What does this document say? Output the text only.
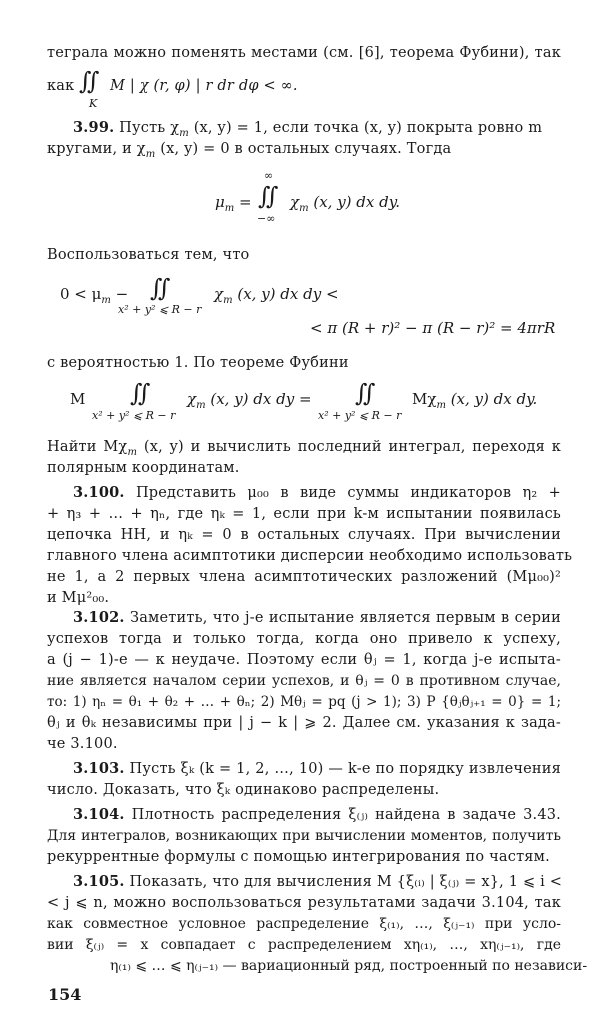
теграла можно поменять местами (см. [6], теорема Фубини), так
как ∬
K
M | χ (r, φ) | r dr dφ < ∞.
3.99. Пусть $\chi_m$ (x, y) = 1, если точка (x, y) покрыта ровно m
кругами, и $\chi_m$ (x, y) = 0 в остальных случаях. Тогда
$\mu_m$ =
∞
∬
−∞
$\chi_m$ (x, y) dx dy.
Воспользоваться тем, что
$0 < \mu_m$ − ∬
x² + y² ⩽ R − r
$\chi_m$ (x, y) dx dy <
< π (R + r)² − π (R − r)² = 4πrR
с вероятностью 1. По теореме Фубини
M ∬
x² + y² ⩽ R − r
$\chi_m$ (x, y) dx dy = ∬
x² + y² ⩽ R − r
$M\chi_m$ (x, y) dx dy.
Найти $M\chi_m$ (x, y) и вычислить последний интеграл, переходя к
полярным координатам.
3.100. Представить μ₀₀ в виде суммы индикаторов η₂ +
+ η₃ + … + ηₙ, где ηₖ = 1, если при k-м испытании появилась
цепочка НН, и ηₖ = 0 в остальных случаях. При вычислении
главного члена асимптотики дисперсии необходимо использовать
не 1, а 2 первых члена асимптотических разложений (Mμ₀₀)²
и Mμ²₀₀.
3.102. Заметить, что j-е испытание является первым в серии
успехов тогда и только тогда, когда оно привело к успеху,
а (j − 1)-е — к неудаче. Поэтому если θⱼ = 1, когда j-е испыта-
ние является началом серии успехов, и θⱼ = 0 в противном случае,
то: 1) ηₙ = θ₁ + θ₂ + … + θₙ; 2) Mθⱼ = pq (j > 1); 3) P {θⱼθⱼ₊₁ = 0} = 1;
θⱼ и θₖ независимы при | j − k | ⩾ 2. Далее см. указания к зада-
че 3.100.
3.103. Пусть ξₖ (k = 1, 2, …, 10) — k-е по порядку извлечения
число. Доказать, что ξₖ одинаково распределены.
3.104. Плотность распределения ξ₍ⱼ₎ найдена в задаче 3.43.
Для интегралов, возникающих при вычислении моментов, получить
рекуррентные формулы с помощью интегрирования по частям.
3.105. Показать, что для вычисления M {ξ₍ᵢ₎ | ξ₍ⱼ₎ = x}, 1 ⩽ i <
< j ⩽ n, можно воспользоваться результатами задачи 3.104, так
как совместное условное распределение ξ₍₁₎, …, ξ₍ⱼ₋₁₎ при усло-
вии ξ₍ⱼ₎ = x совпадает с распределением xη₍₁₎, …, xη₍ⱼ₋₁₎, где
η₍₁₎ ⩽ … ⩽ η₍ⱼ₋₁₎ — вариационный ряд, построенный по независи-
154
